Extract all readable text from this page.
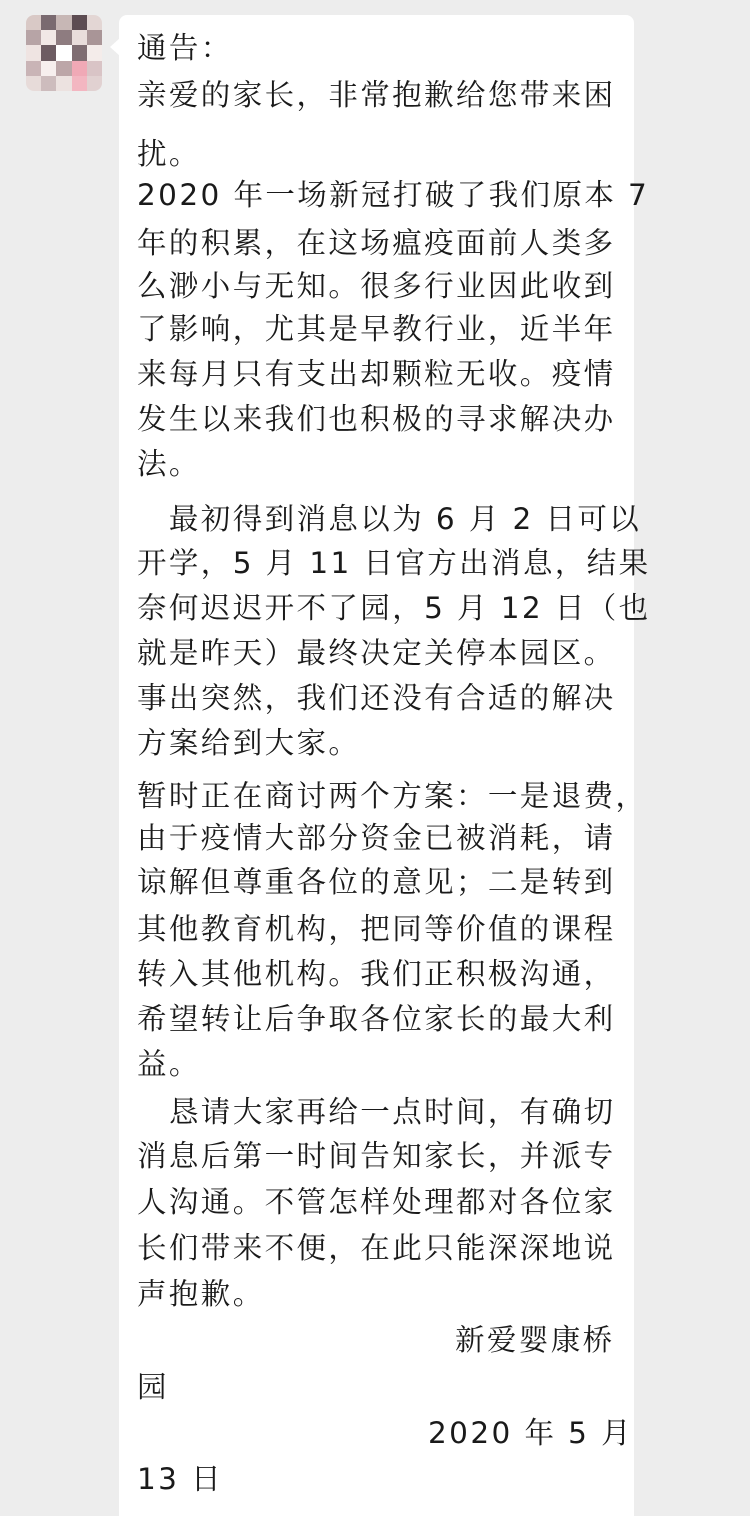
通告：
亲爱的家长，非常抱歉给您带来困
扰。
2020 年一场新冠打破了我们原本 7
年的积累，在这场瘟疫面前人类多
么渺小与无知。很多行业因此收到
了影响，尤其是早教行业，近半年
来每月只有支出却颗粒无收。疫情
发生以来我们也积极的寻求解决办
法。
　最初得到消息以为 6 月 2 日可以
开学，5 月 11 日官方出消息，结果
奈何迟迟开不了园，5 月 12 日（也
就是昨天）最终决定关停本园区。
事出突然，我们还没有合适的解决
方案给到大家。
暂时正在商讨两个方案：一是退费，
由于疫情大部分资金已被消耗，请
谅解但尊重各位的意见；二是转到
其他教育机构，把同等价值的课程
转入其他机构。我们正积极沟通，
希望转让后争取各位家长的最大利
益。
　恳请大家再给一点时间，有确切
消息后第一时间告知家长，并派专
人沟通。不管怎样处理都对各位家
长们带来不便，在此只能深深地说
声抱歉。
新爱婴康桥
园
2020 年 5 月
13 日
